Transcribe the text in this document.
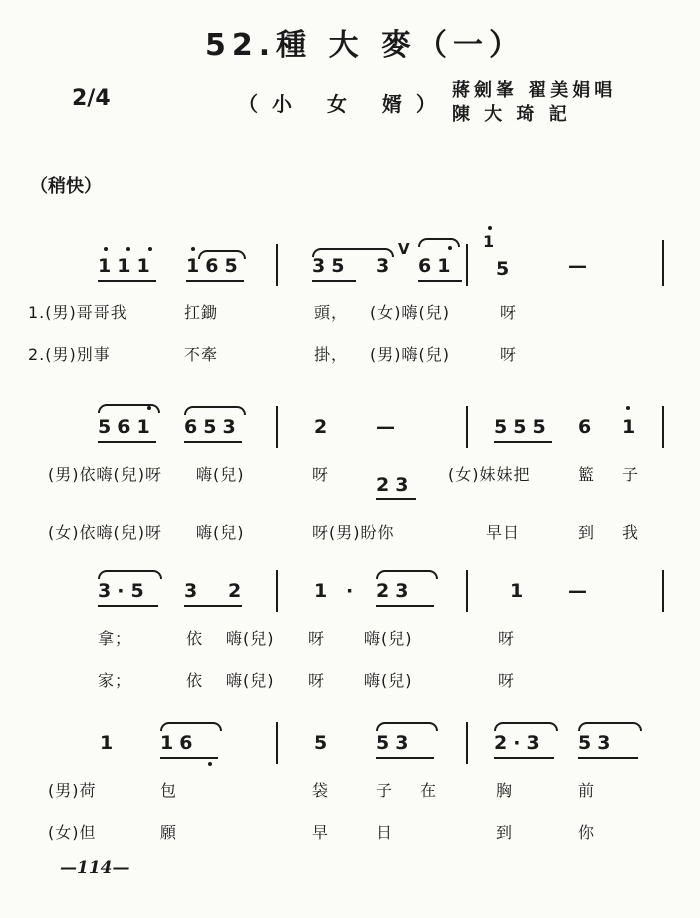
52.種 大 麥（一）
2/4	（小 女 婿）
蔣劍峯 翟美娟唱
陳 大 琦 記
（稍快）
111 165	35 3
V
61
1
5	—
1.(男)哥哥我	扛鋤	頭， (女)嗨(兒)	呀
2.(男)別事	不牽	掛， (男)嗨(兒)	呀
561 653	2 —	555 6 1
23
(男)依嗨(兒)呀 嗨(兒)	呀	(女)妹妹把	籃 子
(女)依嗨(兒)呀 嗨(兒)	呀(男)盼你	早日	到 我
3·5 3 2	1 · 23	1 —
拿；	依 嗨(兒) 呀 嗨(兒)	呀
家；	依 嗨(兒) 呀 嗨(兒)	呀
1 16	5 53	2·3 53
(男)荷	包	袋	子 在	胸	前
(女)但	願	早	日	到	你
—114—
